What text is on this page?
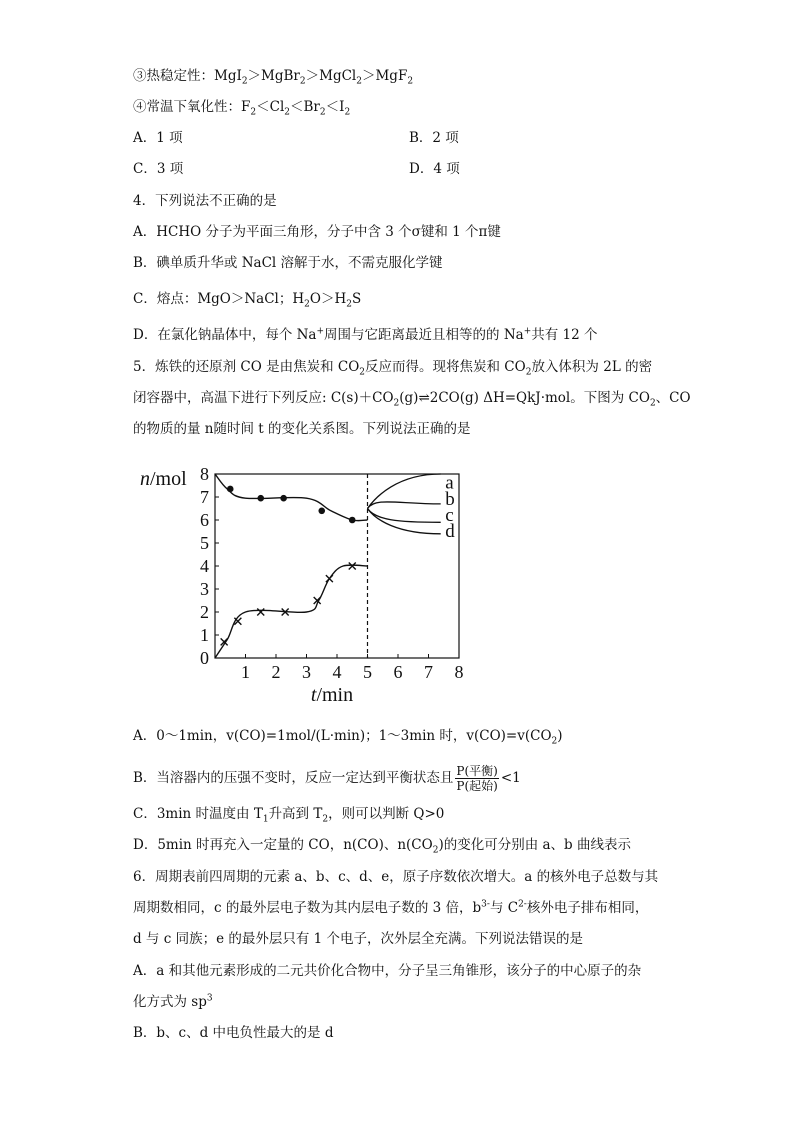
③热稳定性：MgI$_2$＞MgBr$_2$＞MgCl$_2$＞MgF$_2$
④常温下氧化性：$F_2<Cl_2<Br_2<I_2$
A．1 项	B．2 项
C．3 项	D．4 项
4．下列说法不正确的是
A．HCHO 分子为平面三角形，分子中含 3 个σ键和 1 个π键
B．碘单质升华或 NaCl 溶解于水，不需克服化学键
C．熔点：MgO＞NaCl；$H_2O>H_2S$
D．在氯化钠晶体中，每个 Na+周围与它距离最近且相等的的 Na+共有 12 个
5．炼铁的还原剂 CO 是由焦炭和 $CO_2$反应而得。现将焦炭和 $CO_2$放入体积为 2L 的密
闭容器中，高温下进行下列反应: $C(s)+CO_2(g)\rightleftharpoons 2CO(g)$ ΔH=QkJ·mol。下图为 $CO_2$、CO
的物质的量 n随时间 t 的变化关系图。下列说法正确的是
1
2
3
4
5
6
7
8
0
1 2 3 4 5 6 7 8
n/mol
t/min
a
b
c
d
A．0～1min，v(CO)=1mol/(L·min)；1～3min 时，$v(CO)=v(CO_2)$
B．当溶器内的压强不变时，反应一定达到平衡状态且 $\frac{\text{P(平衡)}}{\text{P(起始)}} <1$
C．3min 时温度由 $T_1$升高到 $T_2$，则可以判断 Q>0
D．5min 时再充入一定量的 CO，n(CO)、$n(CO_2)$的变化可分别由 a、b 曲线表示
6．周期表前四周期的元素 a、b、c、d、e，原子序数依次增大。a 的核外电子总数与其
周期数相同，c 的最外层电子数为其内层电子数的 3 倍，$b^{3-}$与 $C^{2-}$核外电子排布相同，
d 与 c 同族；e 的最外层只有 1 个电子，次外层全充满。下列说法错误的是
A．a 和其他元素形成的二元共价化合物中，分子呈三角锥形，该分子的中心原子的杂
化方式为 $sp^3$
B．b、c、d 中电负性最大的是 d
